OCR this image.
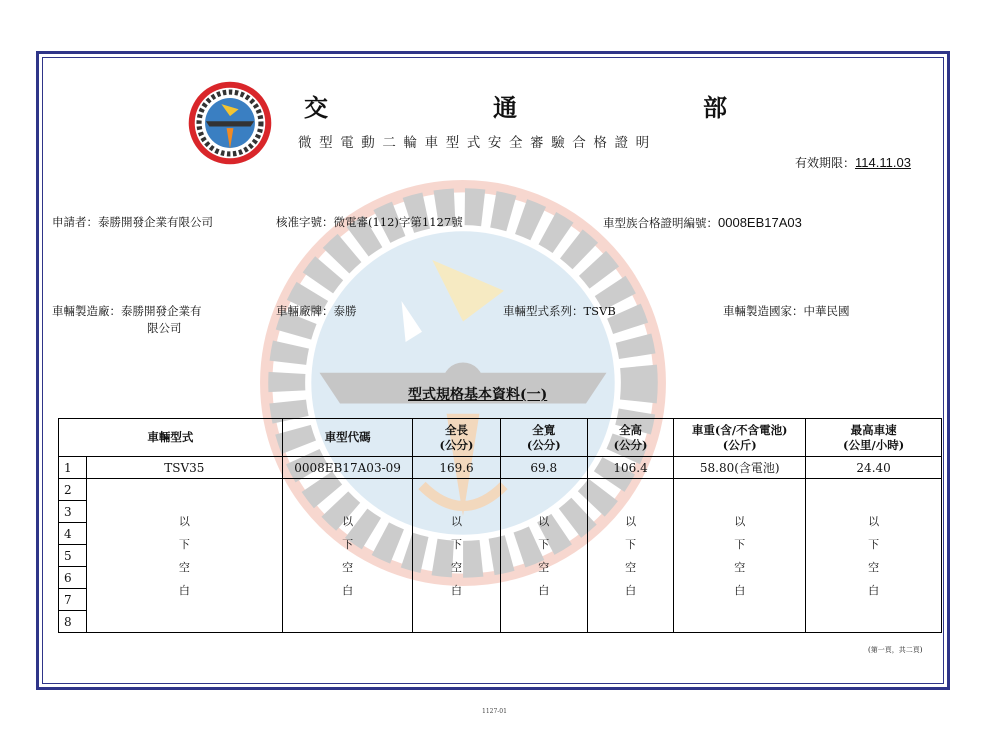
交	通	部
微型電動二輪車型式安全審驗合格證明
有效期限：114.11.03
申請者：泰勝開發企業有限公司	核准字號：微電審(112)字第1127號	車型族合格證明編號：0008EB17A03
車輛製造廠：泰勝開發企業有
限公司
車輛廠牌：泰勝	車輛型式系列：TSVB	車輛製造國家：中華民國
型式規格基本資料(一)
車輛型式		車型代碼	全長
(公分)	全寬
(公分)	全高
(公分)	車重(含/不含電池)
(公斤)	最高車速
(公里/小時)
1	TSV35	0008EB17A03-09	169.6	69.8	106.4	58.80(含電池)	24.40
2	以
下
空
白	以
下
空
白	以
下
空
白	以
下
空
白	以
下
空
白	以
下
空
白	以
下
空
白
3							
4							
5							
6							
7							
8							
(第一頁，共二頁)
1127-01
